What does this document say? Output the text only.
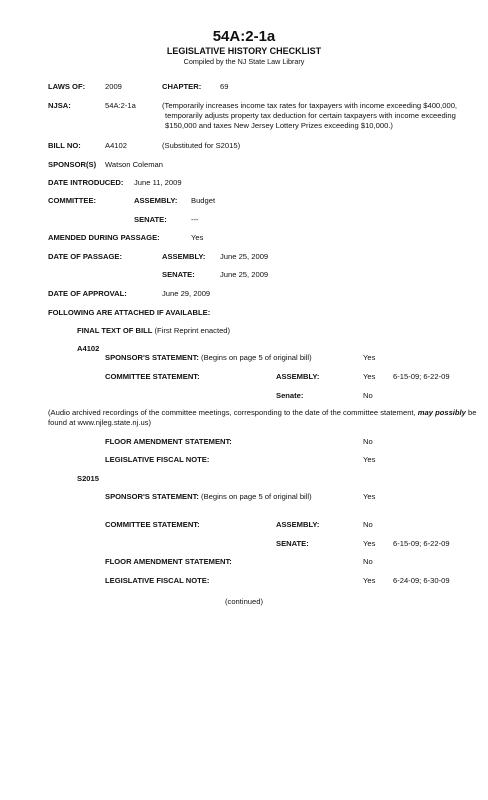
54A:2-1a
LEGISLATIVE HISTORY CHECKLIST
Compiled by the NJ State Law Library
LAWS OF:	2009	CHAPTER: 69
NJSA:	54A:2-1a	(Temporarily increases income tax rates for taxpayers with income exceeding $400,000,
temporarily adjusts property tax deduction for certain taxpayers with income exceeding
$150,000 and taxes New Jersey Lottery Prizes exceeding $10,000.)
BILL NO:	A4102	(Substituted for S2015)
SPONSOR(S) Watson Coleman
DATE INTRODUCED: June 11, 2009
COMMITTEE:	ASSEMBLY: Budget
SENATE:	---
AMENDED DURING PASSAGE:	Yes
DATE OF PASSAGE:	ASSEMBLY: June 25, 2009
SENATE:	June 25, 2009
DATE OF APPROVAL:	June 29, 2009
FOLLOWING ARE ATTACHED IF AVAILABLE:
FINAL TEXT OF BILL (First Reprint enacted)
A4102
SPONSOR'S STATEMENT: (Begins on page 5 of original bill)	Yes
COMMITTEE STATEMENT:	ASSEMBLY:	Yes 6-15-09; 6-22-09
Senate:	No
(Audio archived recordings of the committee meetings, corresponding to the date of the committee statement, may possibly be found at www.njleg.state.nj.us)
FLOOR AMENDMENT STATEMENT:	No
LEGISLATIVE FISCAL NOTE:	Yes
S2015
SPONSOR'S STATEMENT: (Begins on page 5 of original bill)	Yes
COMMITTEE STATEMENT:	ASSEMBLY:	No
SENATE:	Yes 6-15-09; 6-22-09
FLOOR AMENDMENT STATEMENT:	No
LEGISLATIVE FISCAL NOTE:	Yes 6-24-09; 6-30-09
(continued)
